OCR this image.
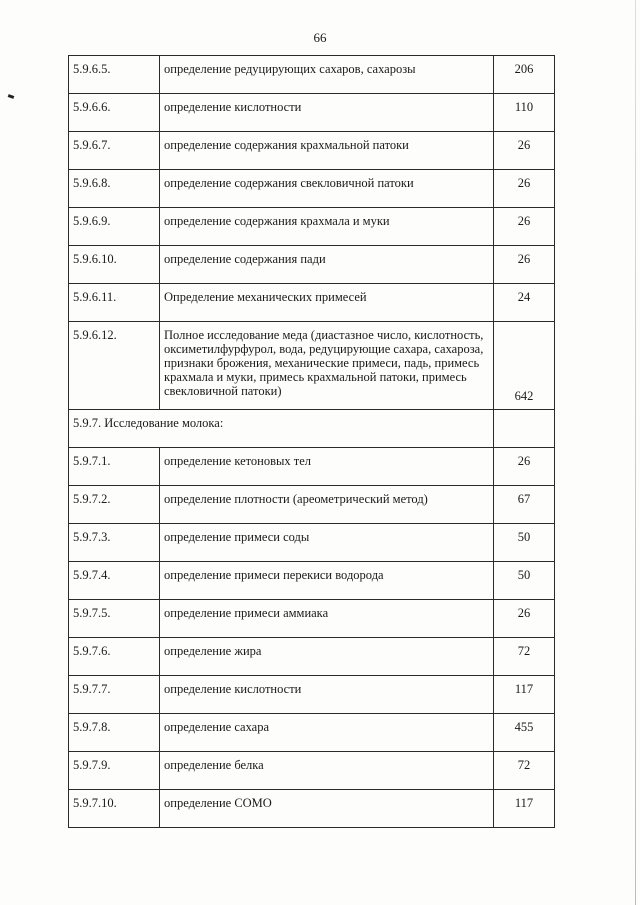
66
5.9.6.5.	определение редуцирующих сахаров, сахарозы	206
5.9.6.6.	определение кислотности	110
5.9.6.7.	определение содержания крахмальной патоки	26
5.9.6.8.	определение содержания свекловичной патоки	26
5.9.6.9.	определение содержания крахмала и муки	26
5.9.6.10.	определение содержания пади	26
5.9.6.11.	Определение механических примесей	24
5.9.6.12.	Полное исследование меда (диастазное число, кислотность, оксиметилфурфурол, вода, редуцирующие сахара, сахароза, признаки брожения, механические примеси, падь, примесь крахмала и муки, примесь крахмальной патоки, примесь свекловичной патоки)	642
5.9.7. Исследование молока:		
5.9.7.1.	определение кетоновых тел	26
5.9.7.2.	определение плотности (ареометрический метод)	67
5.9.7.3.	определение примеси соды	50
5.9.7.4.	определение примеси перекиси водорода	50
5.9.7.5.	определение примеси аммиака	26
5.9.7.6.	определение жира	72
5.9.7.7.	определение кислотности	117
5.9.7.8.	определение сахара	455
5.9.7.9.	определение белка	72
5.9.7.10.	определение СОМО	117
